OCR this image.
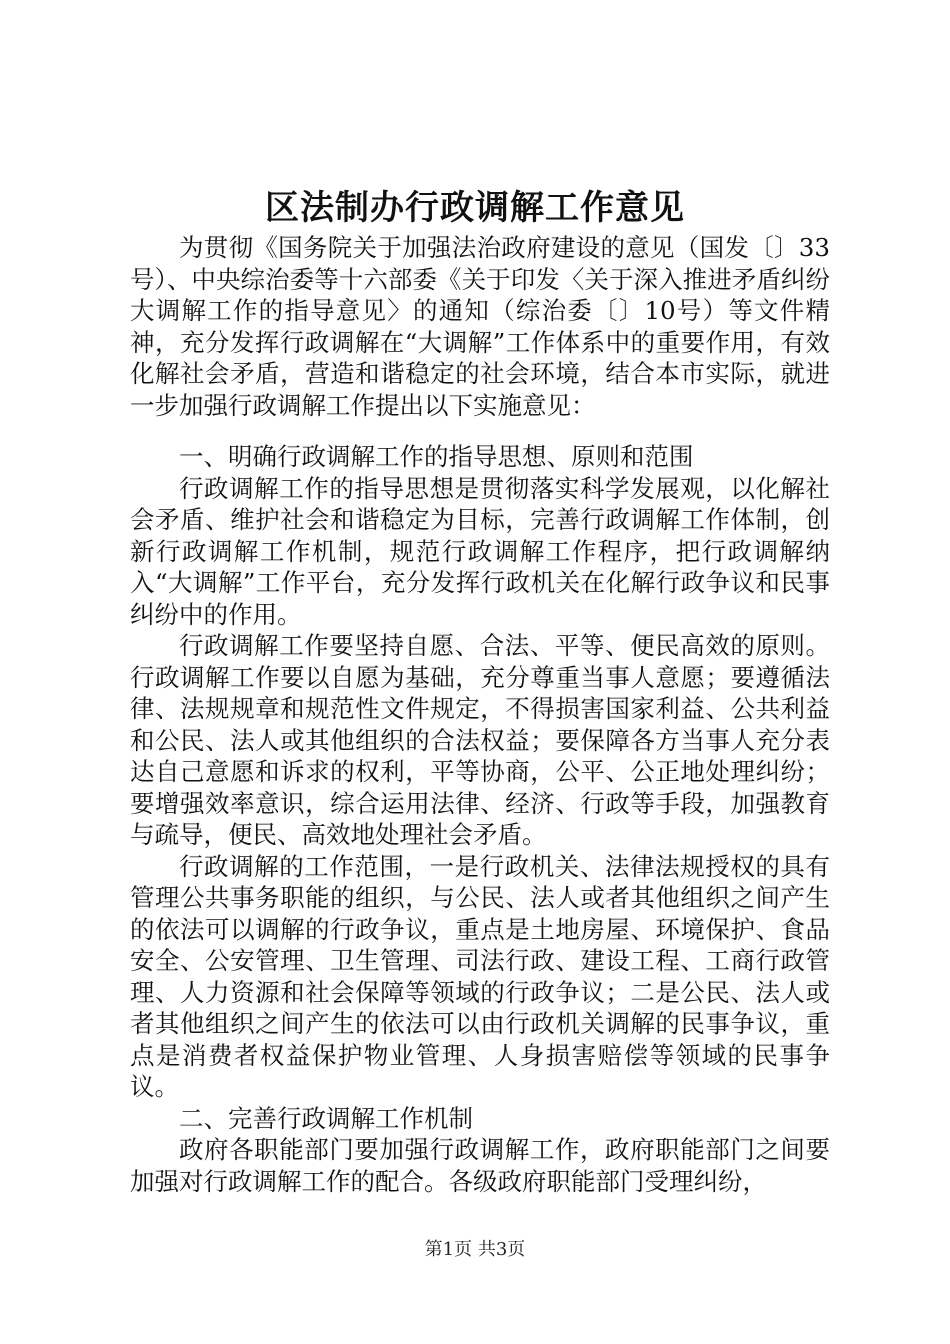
区法制办行政调解工作意见

为贯彻《国务院关于加强法治政府建设的意见（国发〔〕33号）、中央综治委等十六部委《关于印发〈关于深入推进矛盾纠纷大调解工作的指导意见〉的通知（综治委〔〕10号）等文件精神，充分发挥行政调解在“大调解”工作体系中的重要作用，有效化解社会矛盾，营造和谐稳定的社会环境，结合本市实际，就进一步加强行政调解工作提出以下实施意见：

一、明确行政调解工作的指导思想、原则和范围

行政调解工作的指导思想是贯彻落实科学发展观，以化解社会矛盾、维护社会和谐稳定为目标，完善行政调解工作体制，创新行政调解工作机制，规范行政调解工作程序，把行政调解纳入“大调解”工作平台，充分发挥行政机关在化解行政争议和民事纠纷中的作用。

行政调解工作要坚持自愿、合法、平等、便民高效的原则。行政调解工作要以自愿为基础，充分尊重当事人意愿；要遵循法律、法规规章和规范性文件规定，不得损害国家利益、公共利益和公民、法人或其他组织的合法权益；要保障各方当事人充分表达自己意愿和诉求的权利，平等协商，公平、公正地处理纠纷；要增强效率意识，综合运用法律、经济、行政等手段，加强教育与疏导，便民、高效地处理社会矛盾。

行政调解的工作范围，一是行政机关、法律法规授权的具有管理公共事务职能的组织，与公民、法人或者其他组织之间产生的依法可以调解的行政争议，重点是土地房屋、环境保护、食品安全、公安管理、卫生管理、司法行政、建设工程、工商行政管理、人力资源和社会保障等领域的行政争议；二是公民、法人或者其他组织之间产生的依法可以由行政机关调解的民事争议，重点是消费者权益保护物业管理、人身损害赔偿等领域的民事争议。

二、完善行政调解工作机制

政府各职能部门要加强行政调解工作，政府职能部门之间要加强对行政调解工作的配合。各级政府职能部门受理纠纷，

第1页 共3页
